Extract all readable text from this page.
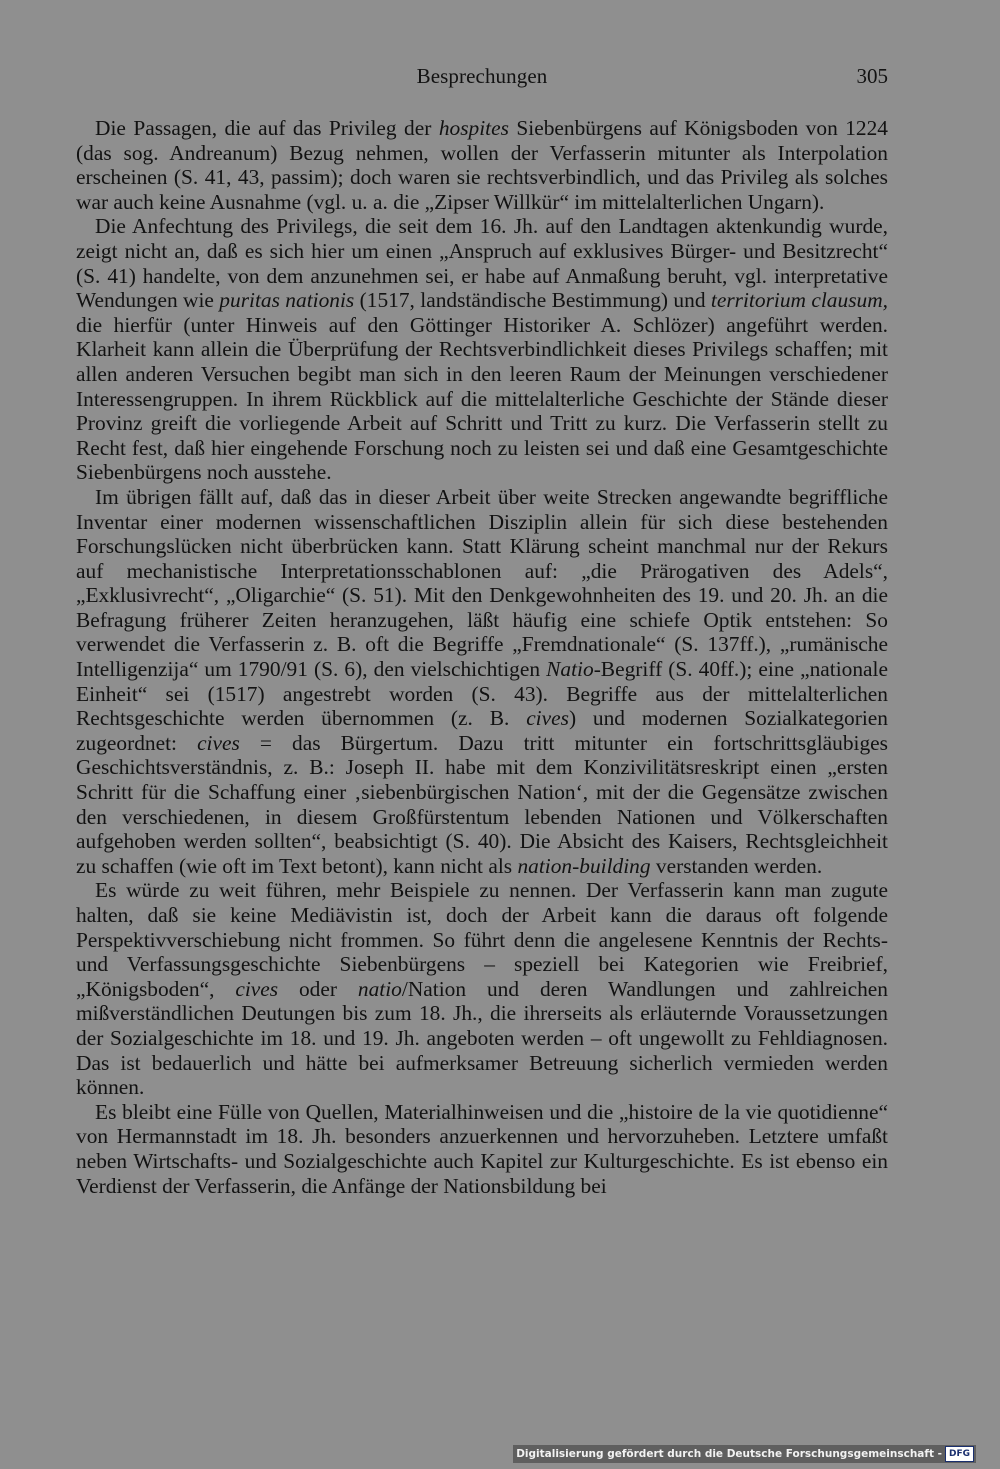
Besprechungen	305

Die Passagen, die auf das Privileg der hospites Siebenbürgens auf Königsboden von 1224 (das sog. Andreanum) Bezug nehmen, wollen der Verfasserin mitunter als Interpolation erscheinen (S. 41, 43, passim); doch waren sie rechtsverbindlich, und das Privileg als solches war auch keine Ausnahme (vgl. u. a. die „Zipser Willkür“ im mittelalterlichen Ungarn).

Die Anfechtung des Privilegs, die seit dem 16. Jh. auf den Landtagen aktenkundig wurde, zeigt nicht an, daß es sich hier um einen „Anspruch auf exklusives Bürger- und Besitzrecht“ (S. 41) handelte, von dem anzunehmen sei, er habe auf Anmaßung beruht, vgl. interpretative Wendungen wie puritas nationis (1517, landständische Bestimmung) und territorium clausum, die hierfür (unter Hinweis auf den Göttinger Historiker A. Schlözer) angeführt werden. Klarheit kann allein die Überprüfung der Rechtsverbindlichkeit dieses Privilegs schaffen; mit allen anderen Versuchen begibt man sich in den leeren Raum der Meinungen verschiedener Interessengruppen. In ihrem Rückblick auf die mittelalterliche Geschichte der Stände dieser Provinz greift die vorliegende Arbeit auf Schritt und Tritt zu kurz. Die Verfasserin stellt zu Recht fest, daß hier eingehende Forschung noch zu leisten sei und daß eine Gesamtgeschichte Siebenbürgens noch ausstehe.

Im übrigen fällt auf, daß das in dieser Arbeit über weite Strecken angewandte begriffliche Inventar einer modernen wissenschaftlichen Disziplin allein für sich diese bestehenden Forschungslücken nicht überbrücken kann. Statt Klärung scheint manchmal nur der Rekurs auf mechanistische Interpretationsschablonen auf: „die Prärogativen des Adels“, „Exklusivrecht“, „Oligarchie“ (S. 51). Mit den Denkgewohnheiten des 19. und 20. Jh. an die Befragung früherer Zeiten heranzugehen, läßt häufig eine schiefe Optik entstehen: So verwendet die Verfasserin z. B. oft die Begriffe „Fremdnationale“ (S. 137ff.), „rumänische Intelligenzija“ um 1790/91 (S. 6), den vielschichtigen Natio-Begriff (S. 40ff.); eine „nationale Einheit“ sei (1517) angestrebt worden (S. 43). Begriffe aus der mittelalterlichen Rechtsgeschichte werden übernommen (z. B. cives) und modernen Sozialkategorien zugeordnet: cives = das Bürgertum. Dazu tritt mitunter ein fortschrittsgläubiges Geschichtsverständnis, z. B.: Joseph II. habe mit dem Konzivilitätsreskript einen „ersten Schritt für die Schaffung einer ‚siebenbürgischen Nation‘, mit der die Gegensätze zwischen den verschiedenen, in diesem Großfürstentum lebenden Nationen und Völkerschaften aufgehoben werden sollten“, beabsichtigt (S. 40). Die Absicht des Kaisers, Rechtsgleichheit zu schaffen (wie oft im Text betont), kann nicht als nation-building verstanden werden.

Es würde zu weit führen, mehr Beispiele zu nennen. Der Verfasserin kann man zugute halten, daß sie keine Mediävistin ist, doch der Arbeit kann die daraus oft folgende Perspektivverschiebung nicht frommen. So führt denn die angelesene Kenntnis der Rechts- und Verfassungsgeschichte Siebenbürgens – speziell bei Kategorien wie Freibrief, „Königsboden“, cives oder natio/Nation und deren Wandlungen und zahlreichen mißverständlichen Deutungen bis zum 18. Jh., die ihrerseits als erläuternde Voraussetzungen der Sozialgeschichte im 18. und 19. Jh. angeboten werden – oft ungewollt zu Fehldiagnosen. Das ist bedauerlich und hätte bei aufmerksamer Betreuung sicherlich vermieden werden können.

Es bleibt eine Fülle von Quellen, Materialhinweisen und die „histoire de la vie quotidienne“ von Hermannstadt im 18. Jh. besonders anzuerkennen und hervorzuheben. Letztere umfaßt neben Wirtschafts- und Sozialgeschichte auch Kapitel zur Kulturgeschichte. Es ist ebenso ein Verdienst der Verfasserin, die Anfänge der Nationsbildung bei

Digitalisierung gefördert durch die Deutsche Forschungsgemeinschaft - DFG
